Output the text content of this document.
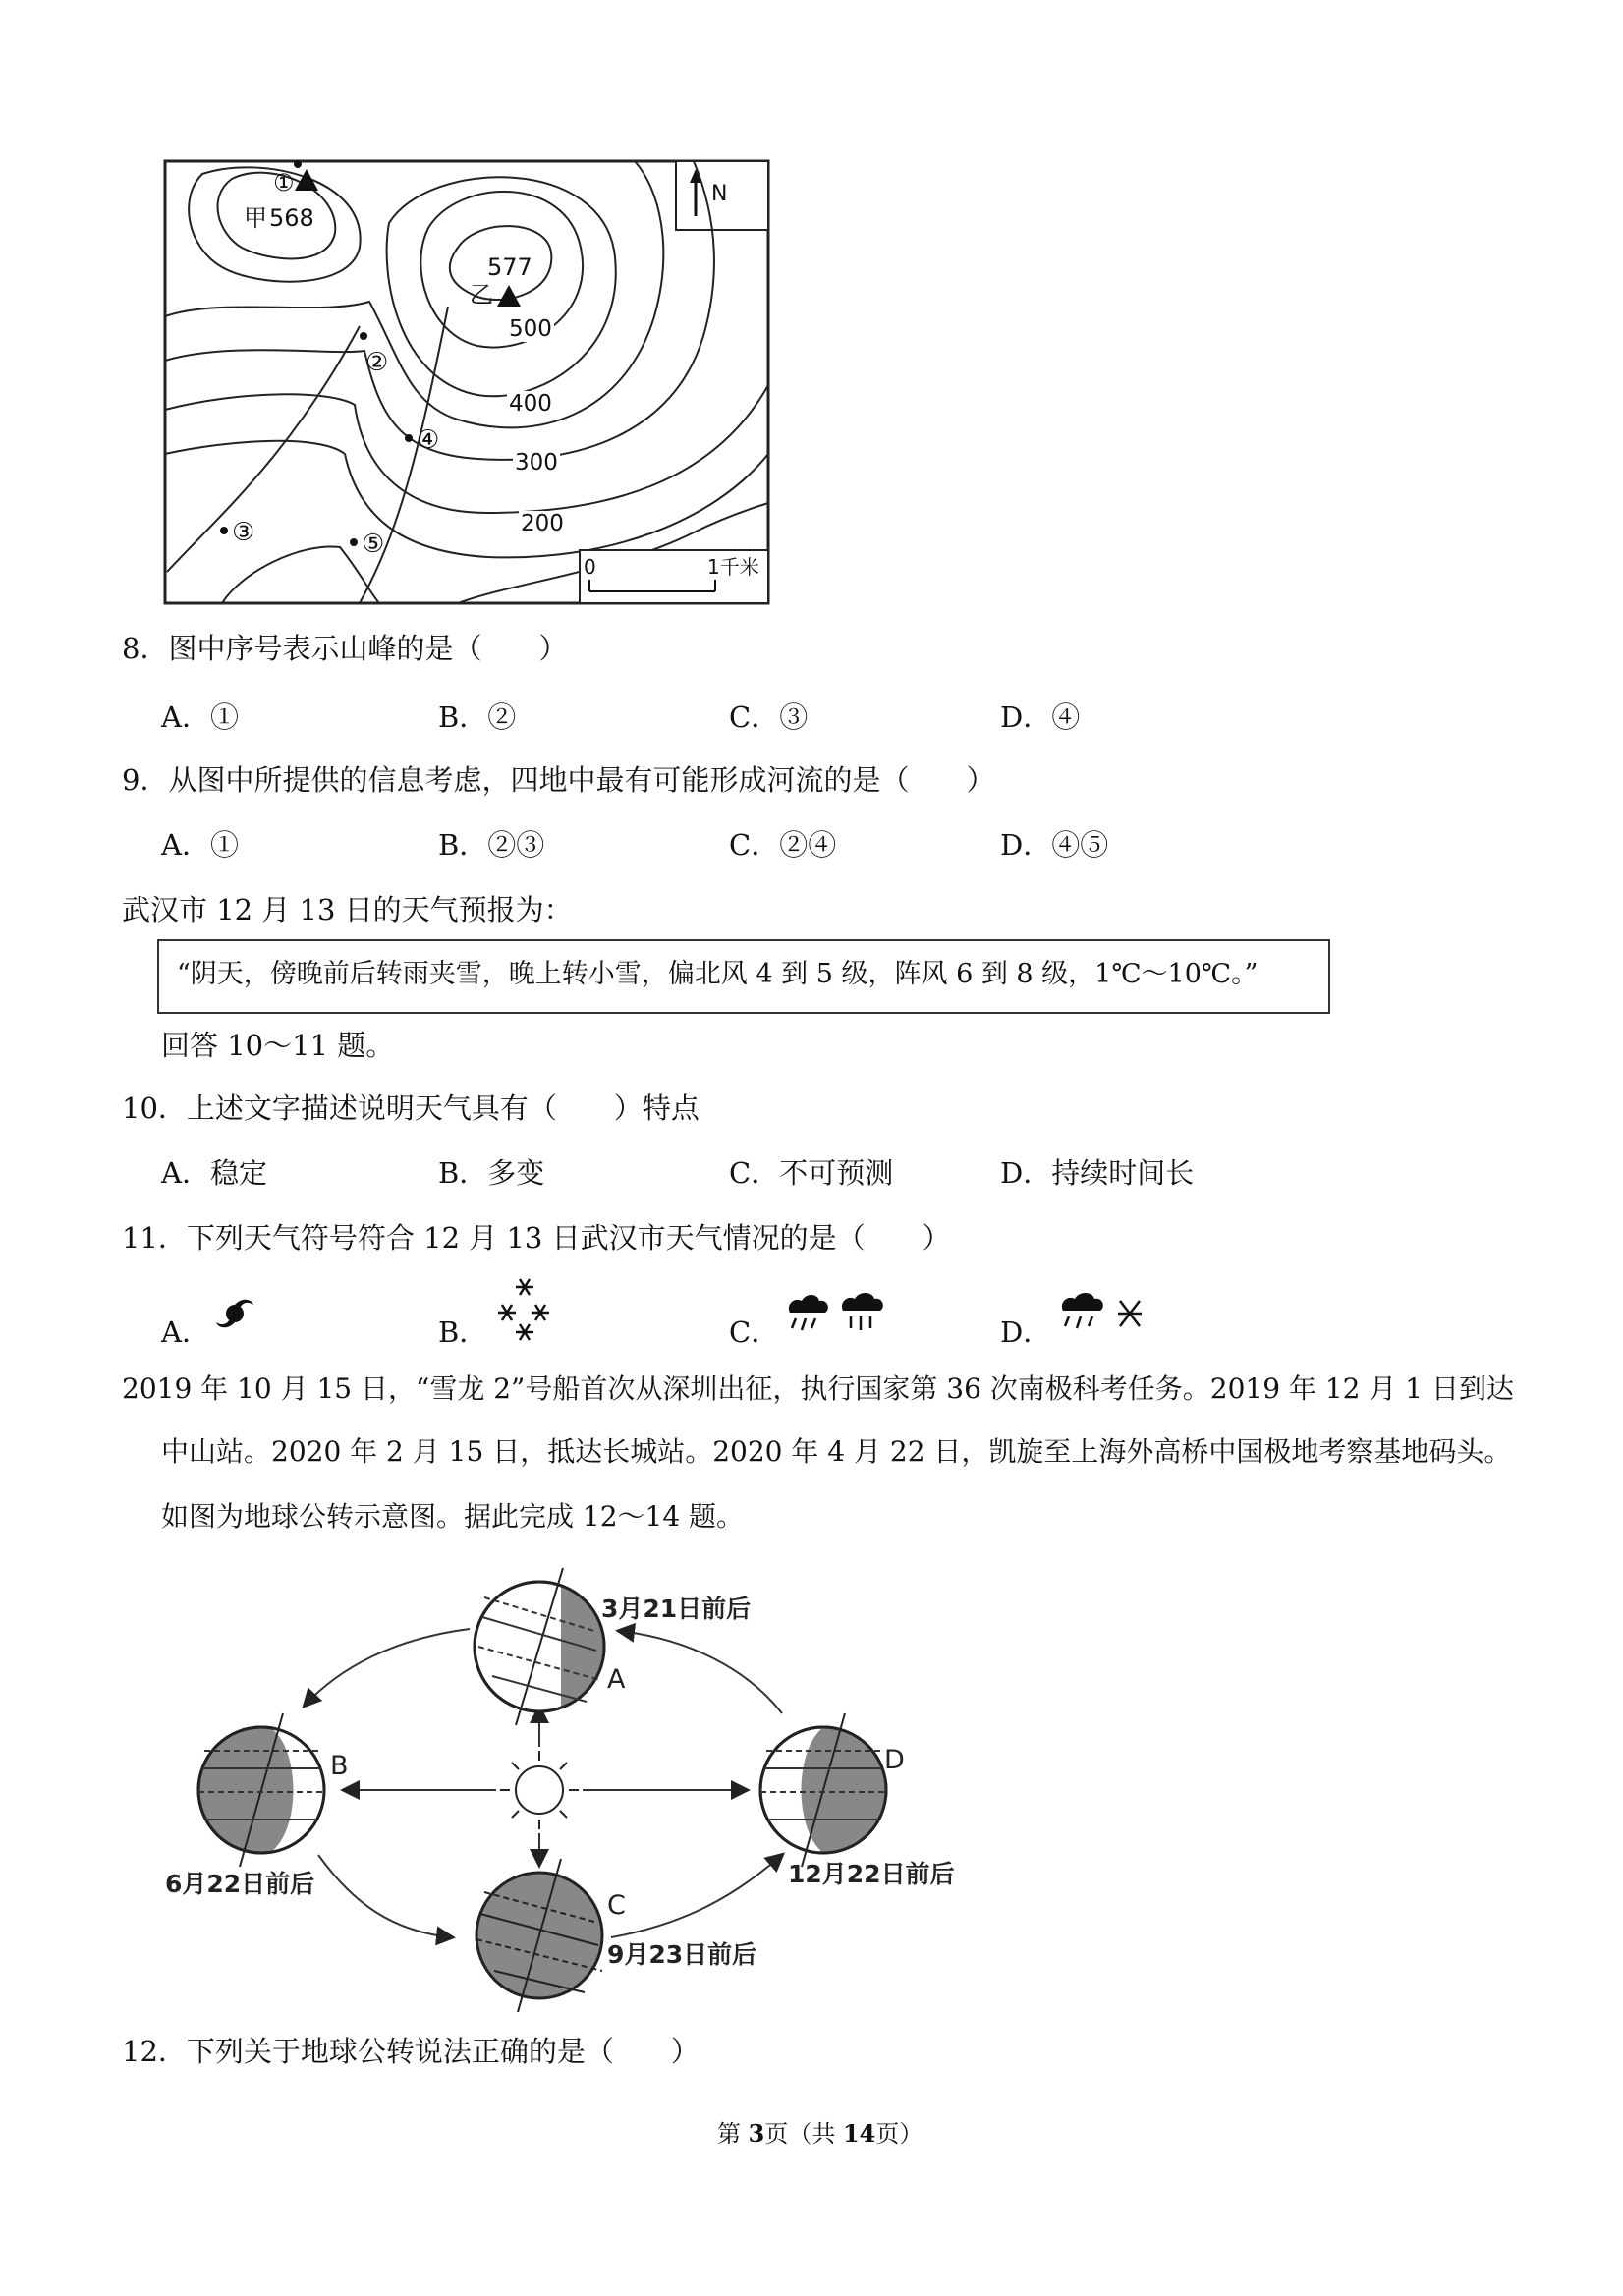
N
①
甲 568
577
乙
500
400
300
200
②
③
④
⑤
0	1千米
8．图中序号表示山峰的是（　　）
A．①	B．②	C．③	D．④
9．从图中所提供的信息考虑，四地中最有可能形成河流的是（　　）
A．①	B．②③	C．②④	D．④⑤
武汉市 12 月 13 日的天气预报为：
“阴天，傍晚前后转雨夹雪，晚上转小雪，偏北风 4 到 5 级，阵风 6 到 8 级，1℃～10℃。”
回答 10～11 题。
10．上述文字描述说明天气具有（　　）特点
A．稳定	B．多变	C．不可预测	D．持续时间长
11．下列天气符号符合 12 月 13 日武汉市天气情况的是（　　）
A．	B．	C．	D．
2019 年 10 月 15 日，“雪龙 2”号船首次从深圳出征，执行国家第 36 次南极科考任务。2019 年 12 月 1 日到达
中山站。2020 年 2 月 15 日，抵达长城站。2020 年 4 月 22 日，凯旋至上海外高桥中国极地考察基地码头。
如图为地球公转示意图。据此完成 12～14 题。
3月21日前后
A
B
6月22日前后
C
9月23日前后
D
12月22日前后
12．下列关于地球公转说法正确的是（　　）
第 3页（共 14页）
